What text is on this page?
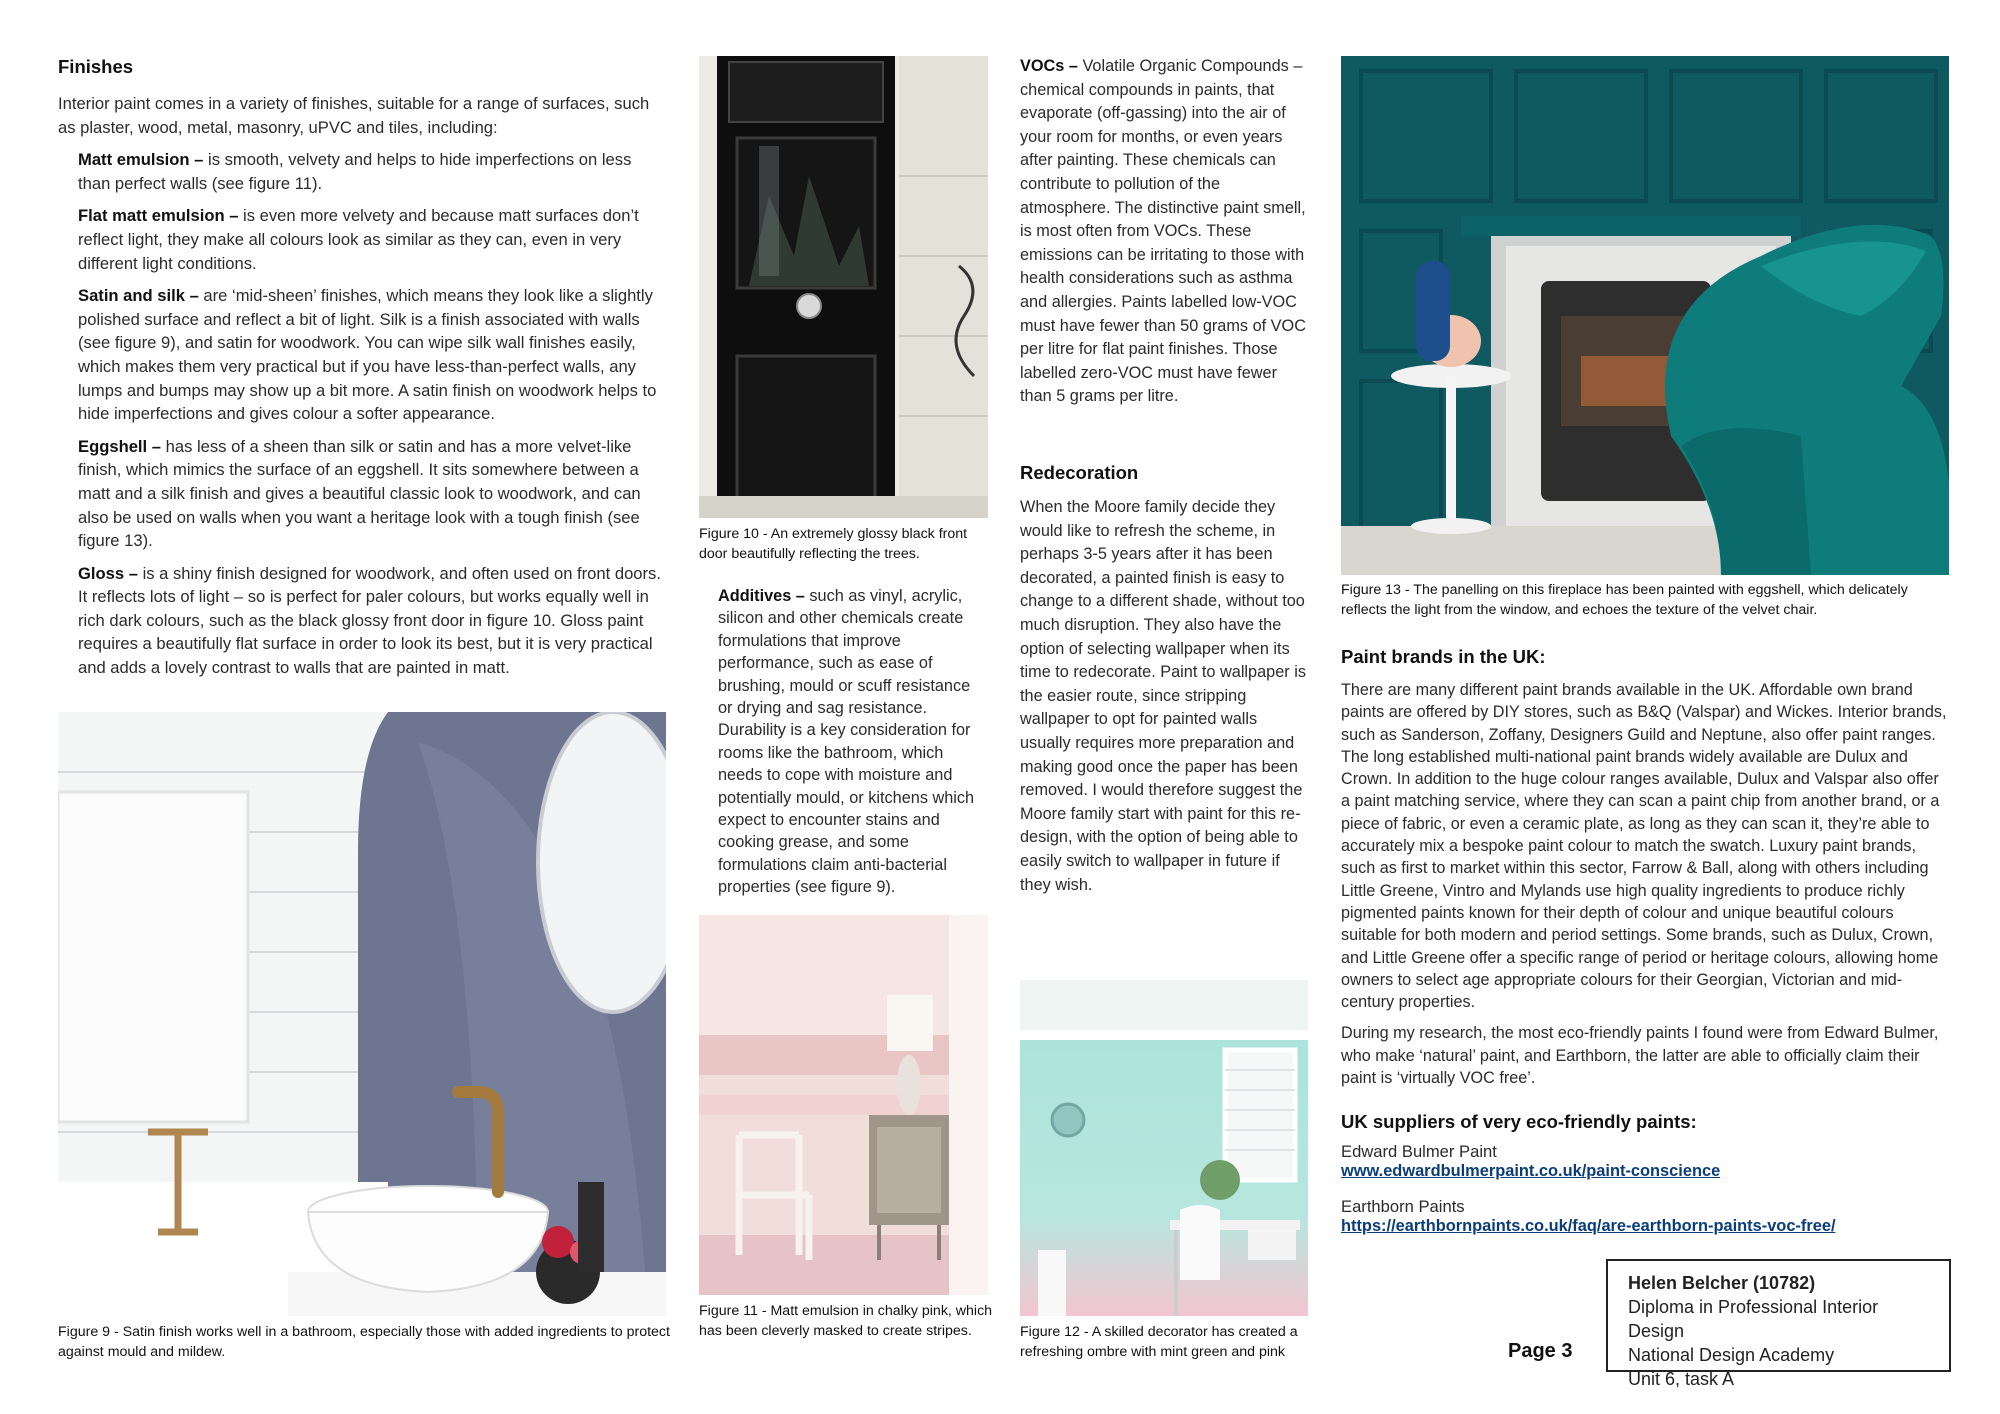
Finishes

Interior paint comes in a variety of finishes, suitable for a range of surfaces, such as plaster, wood, metal, masonry, uPVC and tiles, including:

Matt emulsion – is smooth, velvety and helps to hide imperfections on less than perfect walls (see figure 11).

Flat matt emulsion – is even more velvety and because matt surfaces don’t reflect light, they make all colours look as similar as they can, even in very different light conditions.

Satin and silk – are ‘mid-sheen’ finishes, which means they look like a slightly polished surface and reflect a bit of light. Silk is a finish associated with walls (see figure 9), and satin for woodwork. You can wipe silk wall finishes easily, which makes them very practical but if you have less-than-perfect walls, any lumps and bumps may show up a bit more. A satin finish on woodwork helps to hide imperfections and gives colour a softer appearance.

Eggshell – has less of a sheen than silk or satin and has a more velvet-like finish, which mimics the surface of an eggshell. It sits somewhere between a matt and a silk finish and gives a beautiful classic look to woodwork, and can also be used on walls when you want a heritage look with a tough finish (see figure 13).

Gloss – is a shiny finish designed for woodwork, and often used on front doors. It reflects lots of light – so is perfect for paler colours, but works equally well in rich dark colours, such as the black glossy front door in figure 10. Gloss paint requires a beautifully flat surface in order to look its best, but it is very practical and adds a lovely contrast to walls that are painted in matt.

Figure 9 - Satin finish works well in a bathroom, especially those with added ingredients to protect against mould and mildew.
Figure 10 - An extremely glossy black front door beautifully reflecting the trees.
Additives – such as vinyl, acrylic, silicon and other chemicals create formulations that improve performance, such as ease of brushing, mould or scuff resistance or drying and sag resistance. Durability is a key consideration for rooms like the bathroom, which needs to cope with moisture and potentially mould, or kitchens which expect to encounter stains and cooking grease, and some formulations claim anti-bacterial properties (see figure 9).
Figure 11 - Matt emulsion in chalky pink, which has been cleverly masked to create stripes.
VOCs – Volatile Organic Compounds – chemical compounds in paints, that evaporate (off-gassing) into the air of your room for months, or even years after painting. These chemicals can contribute to pollution of the atmosphere. The distinctive paint smell, is most often from VOCs. These emissions can be irritating to those with health considerations such as asthma and allergies. Paints labelled low-VOC must have fewer than 50 grams of VOC per litre for flat paint finishes. Those labelled zero-VOC must have fewer than 5 grams per litre.
Redecoration
When the Moore family decide they would like to refresh the scheme, in perhaps 3-5 years after it has been decorated, a painted finish is easy to change to a different shade, without too much disruption. They also have the option of selecting wallpaper when its time to redecorate. Paint to wallpaper is the easier route, since stripping wallpaper to opt for painted walls usually requires more preparation and making good once the paper has been removed. I would therefore suggest the Moore family start with paint for this re-design, with the option of being able to easily switch to wallpaper in future if they wish.
Figure 12 - A skilled decorator has created a refreshing ombre with mint green and pink
Figure 13 - The panelling on this fireplace has been painted with eggshell, which delicately reflects the light from the window, and echoes the texture of the velvet chair.
Paint brands in the UK:

There are many different paint brands available in the UK. Affordable own brand paints are offered by DIY stores, such as B&Q (Valspar) and Wickes. Interior brands, such as Sanderson, Zoffany, Designers Guild and Neptune, also offer paint ranges. The long established multi-national paint brands widely available are Dulux and Crown. In addition to the huge colour ranges available, Dulux and Valspar also offer a paint matching service, where they can scan a paint chip from another brand, or a piece of fabric, or even a ceramic plate, as long as they can scan it, they’re able to accurately mix a bespoke paint colour to match the swatch. Luxury paint brands, such as first to market within this sector, Farrow & Ball, along with others including Little Greene, Vintro and Mylands use high quality ingredients to produce richly pigmented paints known for their depth of colour and unique beautiful colours suitable for both modern and period settings. Some brands, such as Dulux, Crown, and Little Greene offer a specific range of period or heritage colours, allowing home owners to select age appropriate colours for their Georgian, Victorian and mid-century properties.

During my research, the most eco-friendly paints I found were from Edward Bulmer, who make ‘natural’ paint, and Earthborn, the latter are able to officially claim their paint is ‘virtually VOC free’.

UK suppliers of very eco-friendly paints:
Edward Bulmer Paint
www.edwardbulmerpaint.co.uk/paint-conscience
Earthborn Paints
https://earthbornpaints.co.uk/faq/are-earthborn-paints-voc-free/
Page 3
Helen Belcher (10782)
Diploma in Professional Interior Design
National Design Academy
Unit 6, task A
